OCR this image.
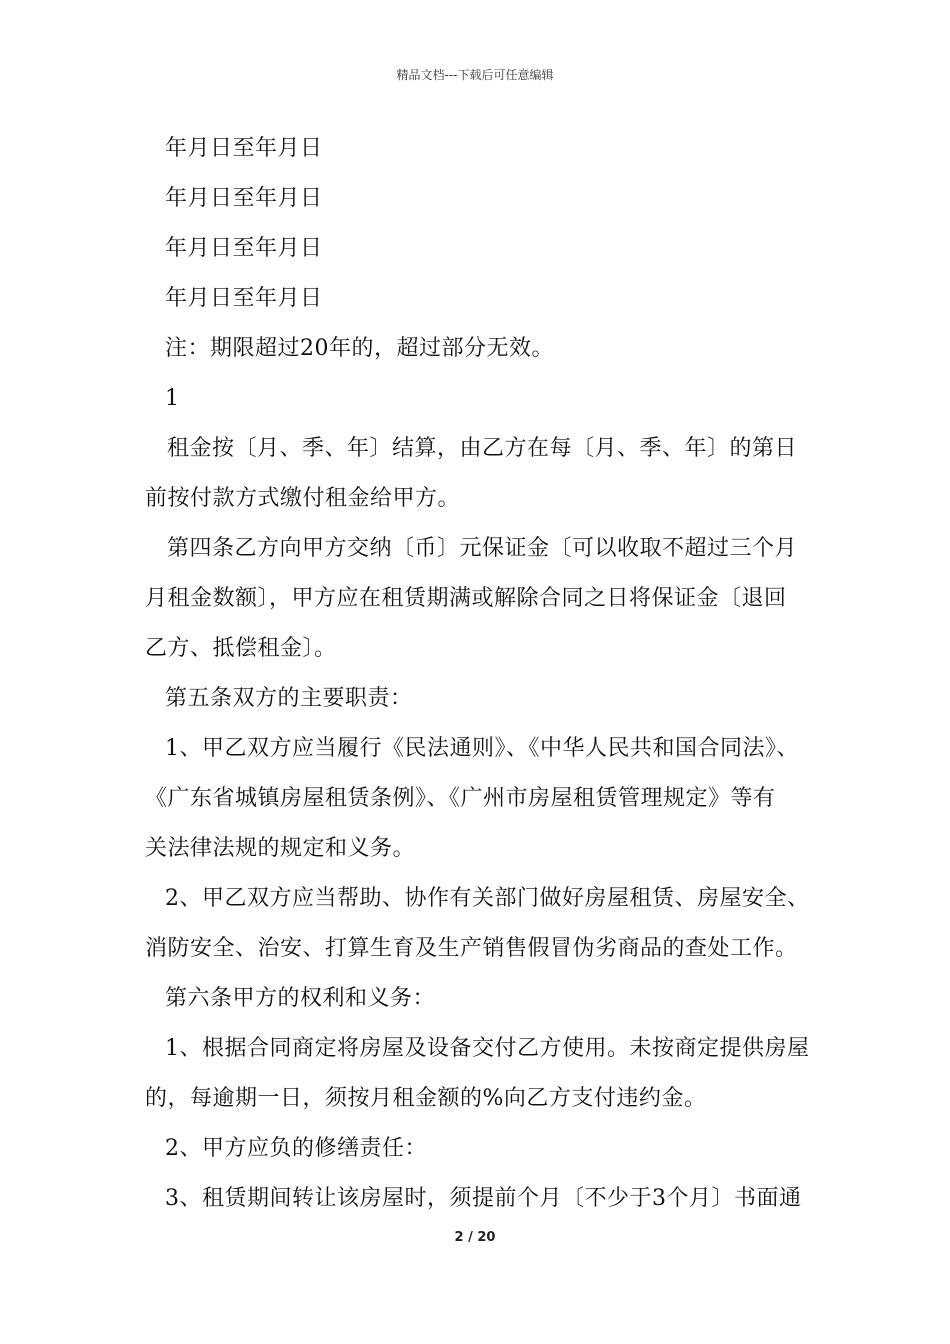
精品文档---下载后可任意编辑
年月日至年月日
年月日至年月日
年月日至年月日
年月日至年月日
注：期限超过20年的，超过部分无效。
1
租金按〔月、季、年〕结算，由乙方在每〔月、季、年〕的第日
前按付款方式缴付租金给甲方。
第四条乙方向甲方交纳〔币〕元保证金〔可以收取不超过三个月
月租金数额〕，甲方应在租赁期满或解除合同之日将保证金〔退回
乙方、抵偿租金〕。
第五条双方的主要职责：
1、甲乙双方应当履行《民法通则》、《中华人民共和国合同法》、
《广东省城镇房屋租赁条例》、《广州市房屋租赁管理规定》等有
关法律法规的规定和义务。
2、甲乙双方应当帮助、协作有关部门做好房屋租赁、房屋安全、
消防安全、治安、打算生育及生产销售假冒伪劣商品的查处工作。
第六条甲方的权利和义务：
1、根据合同商定将房屋及设备交付乙方使用。未按商定提供房屋
的，每逾期一日，须按月租金额的%向乙方支付违约金。
2、甲方应负的修缮责任：
3、租赁期间转让该房屋时，须提前个月〔不少于3个月〕书面通
2 / 20
